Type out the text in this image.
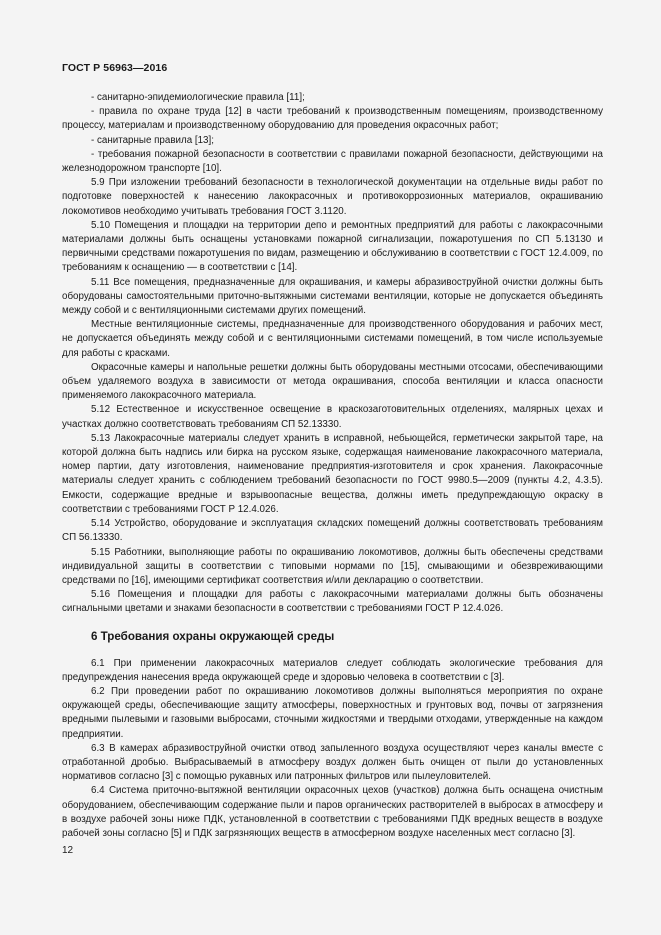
ГОСТ Р 56963—2016

- санитарно-эпидемиологические правила [11];

- правила по охране труда [12] в части требований к производственным помещениям, производственному процессу, материалам и производственному оборудованию для проведения окрасочных работ;

- санитарные правила [13];

- требования пожарной безопасности в соответствии с правилами пожарной безопасности, действующими на железнодорожном транспорте [10].

5.9 При изложении требований безопасности в технологической документации на отдельные виды работ по подготовке поверхностей к нанесению лакокрасочных и противокоррозионных материалов, окрашиванию локомотивов необходимо учитывать требования ГОСТ 3.1120.

5.10 Помещения и площадки на территории депо и ремонтных предприятий для работы с лакокрасочными материалами должны быть оснащены установками пожарной сигнализации, пожаротушения по СП 5.13130 и первичными средствами пожаротушения по видам, размещению и обслуживанию в соответствии с ГОСТ 12.4.009, по требованиям к оснащению — в соответствии с [14].

5.11 Все помещения, предназначенные для окрашивания, и камеры абразивоструйной очистки должны быть оборудованы самостоятельными приточно-вытяжными системами вентиляции, которые не допускается объединять между собой и с вентиляционными системами других помещений.

Местные вентиляционные системы, предназначенные для производственного оборудования и рабочих мест, не допускается объединять между собой и с вентиляционными системами помещений, в том числе используемые для работы с красками.

Окрасочные камеры и напольные решетки должны быть оборудованы местными отсосами, обеспечивающими объем удаляемого воздуха в зависимости от метода окрашивания, способа вентиляции и класса опасности применяемого лакокрасочного материала.

5.12 Естественное и искусственное освещение в краскозаготовительных отделениях, малярных цехах и участках должно соответствовать требованиям СП 52.13330.

5.13 Лакокрасочные материалы следует хранить в исправной, небьющейся, герметически закрытой таре, на которой должна быть надпись или бирка на русском языке, содержащая наименование лакокрасочного материала, номер партии, дату изготовления, наименование предприятия-изготовителя и срок хранения. Лакокрасочные материалы следует хранить с соблюдением требований безопасности по ГОСТ 9980.5—2009 (пункты 4.2, 4.3.5). Емкости, содержащие вредные и взрывоопасные вещества, должны иметь предупреждающую окраску в соответствии с требованиями ГОСТ Р 12.4.026.

5.14 Устройство, оборудование и эксплуатация складских помещений должны соответствовать требованиям СП 56.13330.

5.15 Работники, выполняющие работы по окрашиванию локомотивов, должны быть обеспечены средствами индивидуальной защиты в соответствии с типовыми нормами по [15], смывающими и обезвреживающими средствами по [16], имеющими сертификат соответствия и/или декларацию о соответствии.

5.16 Помещения и площадки для работы с лакокрасочными материалами должны быть обозначены сигнальными цветами и знаками безопасности в соответствии с требованиями ГОСТ Р 12.4.026.

6 Требования охраны окружающей среды

6.1 При применении лакокрасочных материалов следует соблюдать экологические требования для предупреждения нанесения вреда окружающей среде и здоровью человека в соответствии с [3].

6.2 При проведении работ по окрашиванию локомотивов должны выполняться мероприятия по охране окружающей среды, обеспечивающие защиту атмосферы, поверхностных и грунтовых вод, почвы от загрязнения вредными пылевыми и газовыми выбросами, сточными жидкостями и твердыми отходами, утвержденные на каждом предприятии.

6.3 В камерах абразивоструйной очистки отвод запыленного воздуха осуществляют через каналы вместе с отработанной дробью. Выбрасываемый в атмосферу воздух должен быть очищен от пыли до установленных нормативов согласно [3] с помощью рукавных или патронных фильтров или пылеуловителей.

6.4 Система приточно-вытяжной вентиляции окрасочных цехов (участков) должна быть оснащена очистным оборудованием, обеспечивающим содержание пыли и паров органических растворителей в выбросах в атмосферу и в воздухе рабочей зоны ниже ПДК, установленной в соответствии с требованиями ПДК вредных веществ в воздухе рабочей зоны согласно [5] и ПДК загрязняющих веществ в атмосферном воздухе населенных мест согласно [3].

12
